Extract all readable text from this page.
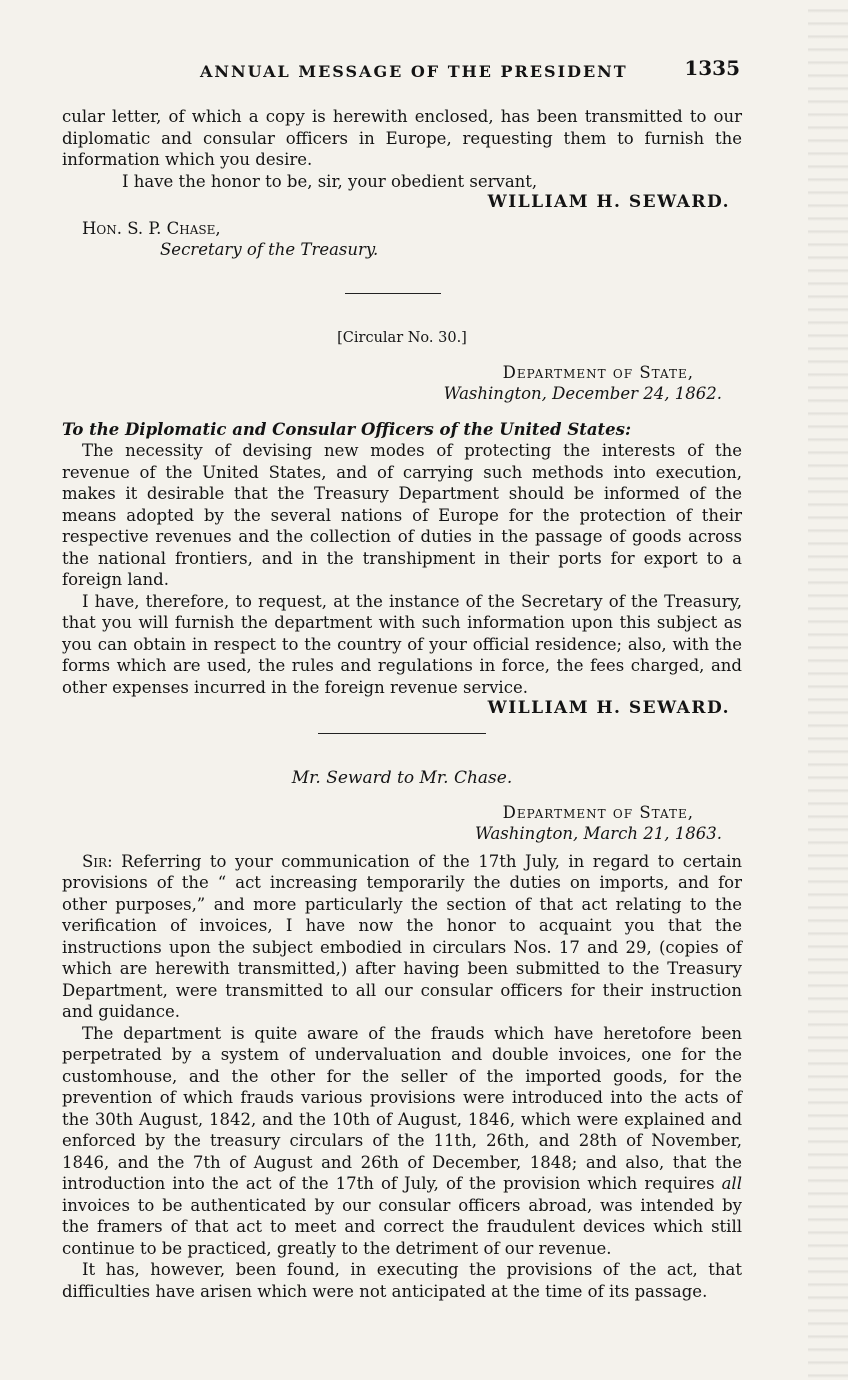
ANNUAL MESSAGE OF THE PRESIDENT	1335

cular letter, of which a copy is herewith enclosed, has been transmitted to our diplomatic and consular officers in Europe, requesting them to furnish the information which you desire.

I have the honor to be, sir, your obedient servant,

WILLIAM H. SEWARD.

Hon. S. P. Chase,
Secretary of the Treasury.

[Circular No. 30.]

Department of State,
Washington, December 24, 1862.

To the Diplomatic and Consular Officers of the United States:

The necessity of devising new modes of protecting the interests of the revenue of the United States, and of carrying such methods into execution, makes it desirable that the Treasury Department should be informed of the means adopted by the several nations of Europe for the protection of their respective revenues and the collection of duties in the passage of goods across the national frontiers, and in the transhipment in their ports for export to a foreign land.

I have, therefore, to request, at the instance of the Secretary of the Treasury, that you will furnish the department with such information upon this subject as you can obtain in respect to the country of your official residence; also, with the forms which are used, the rules and regulations in force, the fees charged, and other expenses incurred in the foreign revenue service.

WILLIAM H. SEWARD.

Mr. Seward to Mr. Chase.

Department of State,
Washington, March 21, 1863.

Sir: Referring to your communication of the 17th July, in regard to certain provisions of the “ act increasing temporarily the duties on imports, and for other purposes,” and more particularly the section of that act relating to the verification of invoices, I have now the honor to acquaint you that the instructions upon the subject embodied in circulars Nos. 17 and 29, (copies of which are herewith transmitted,) after having been submitted to the Treasury Department, were transmitted to all our consular officers for their instruction and guidance.

The department is quite aware of the frauds which have heretofore been perpetrated by a system of undervaluation and double invoices, one for the customhouse, and the other for the seller of the imported goods, for the prevention of which frauds various provisions were introduced into the acts of the 30th August, 1842, and the 10th of August, 1846, which were explained and enforced by the treasury circulars of the 11th, 26th, and 28th of November, 1846, and the 7th of August and 26th of December, 1848; and also, that the introduction into the act of the 17th of July, of the provision which requires all invoices to be authenticated by our consular officers abroad, was intended by the framers of that act to meet and correct the fraudulent devices which still continue to be practiced, greatly to the detriment of our revenue.

It has, however, been found, in executing the provisions of the act, that difficulties have arisen which were not anticipated at the time of its passage.
